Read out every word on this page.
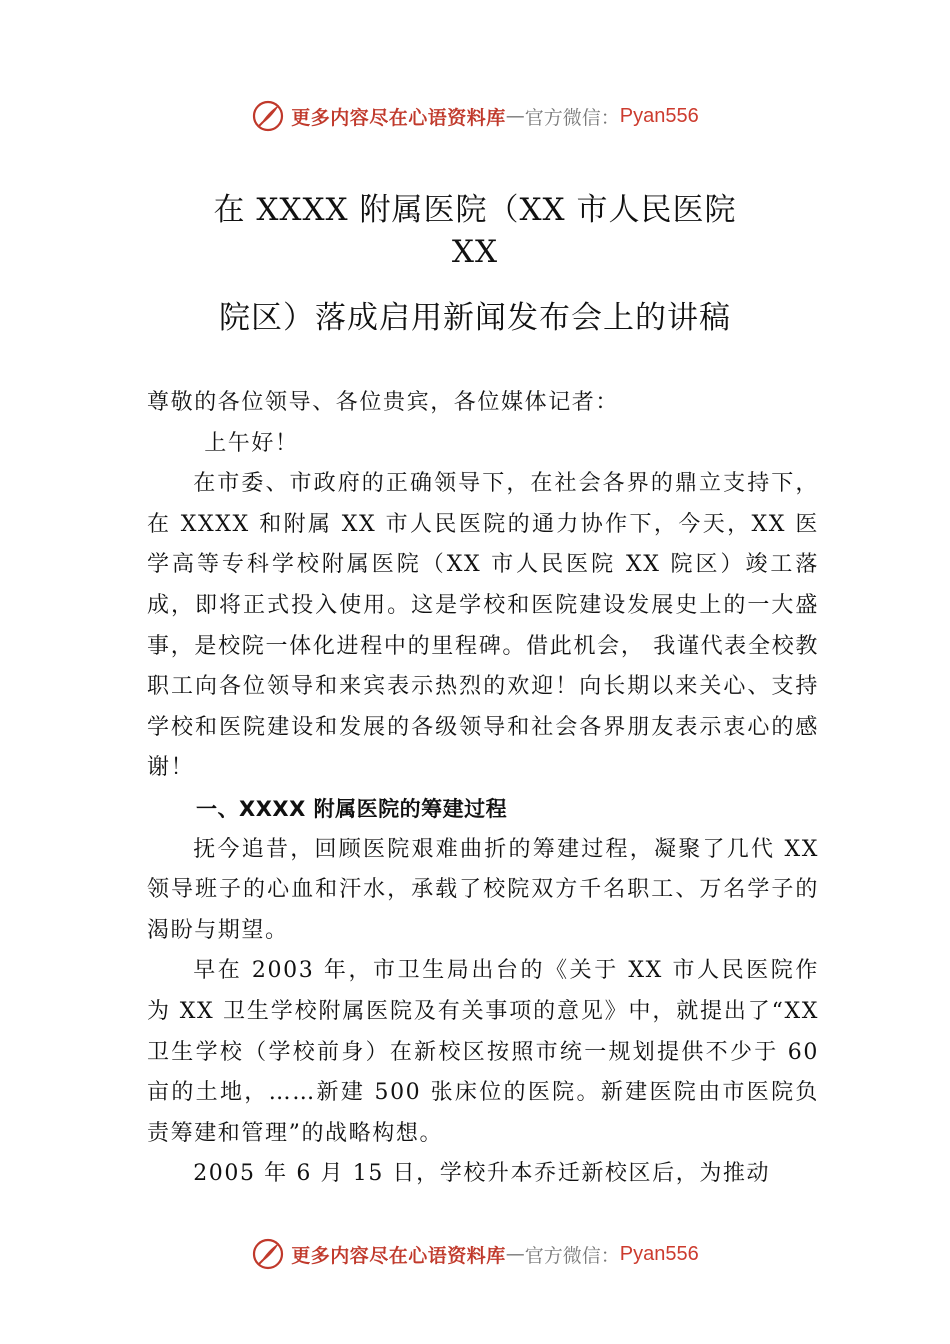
更多内容尽在心语资料库 — 官方微信： Pyan556
在 XXXX 附属医院（XX 市人民医院
XX
院区）落成启用新闻发布会上的讲稿

尊敬的各位领导、各位贵宾，各位媒体记者：

上午好！

在市委、市政府的正确领导下，在社会各界的鼎立支持下，在 XXXX 和附属 XX 市人民医院的通力协作下，今天，XX 医学高等专科学校附属医院（XX 市人民医院 XX 院区）竣工落成，即将正式投入使用。这是学校和医院建设发展史上的一大盛事，是校院一体化进程中的里程碑。借此机会， 我谨代表全校教职工向各位领导和来宾表示热烈的欢迎！向长期以来关心、支持学校和医院建设和发展的各级领导和社会各界朋友表示衷心的感谢！

一、XXXX 附属医院的筹建过程

抚今追昔，回顾医院艰难曲折的筹建过程，凝聚了几代 XX 领导班子的心血和汗水，承载了校院双方千名职工、万名学子的渴盼与期望。

早在 2003 年，市卫生局出台的《关于 XX 市人民医院作为 XX 卫生学校附属医院及有关事项的意见》中，就提出了“XX 卫生学校（学校前身）在新校区按照市统一规划提供不少于 60 亩的土地，……新建 500 张床位的医院。新建医院由市医院负责筹建和管理”的战略构想。

2005 年 6 月 15 日，学校升本乔迁新校区后，为推动

更多内容尽在心语资料库 — 官方微信： Pyan556
